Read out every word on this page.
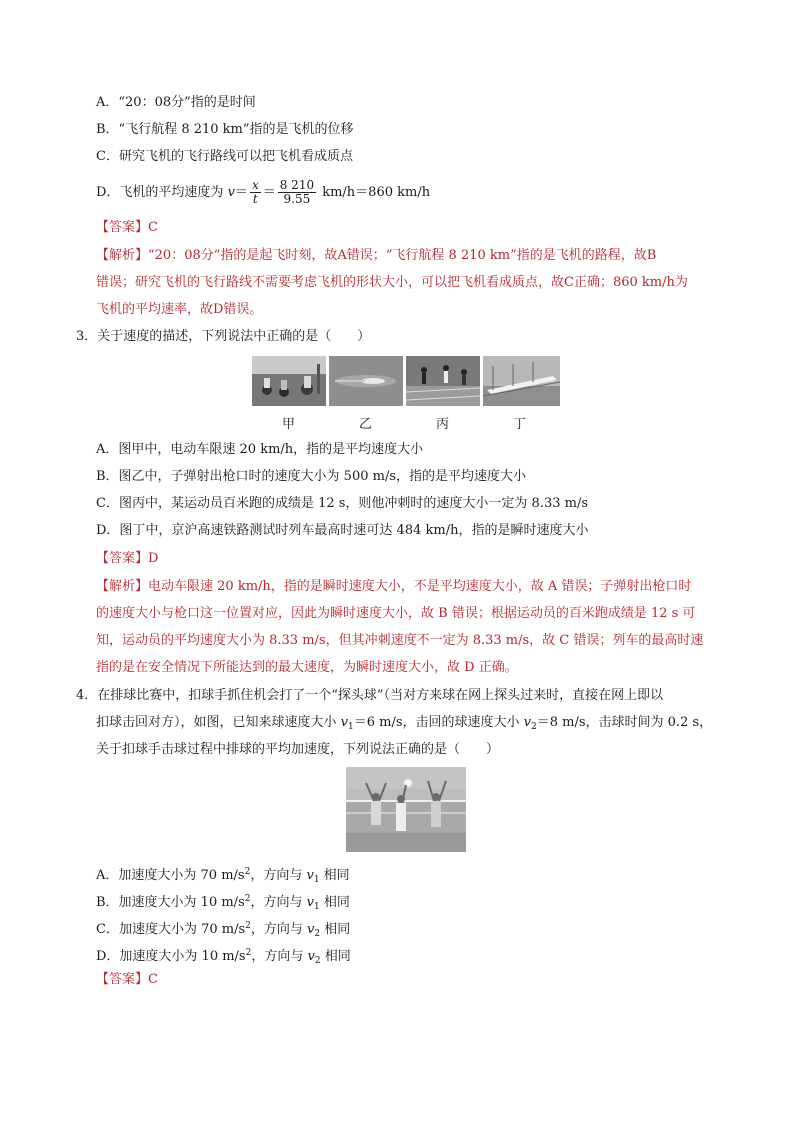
A．“20：08分”指的是时间
B．“飞行航程 8 210 km”指的是飞机的位移
C．研究飞机的飞行路线可以把飞机看成质点
D．飞机的平均速度为 $v= \frac{x}{t} = \frac{8 210}{9.55} km/h=860$ km/h
【答案】C
【解析】“20：08分”指的是起飞时刻，故A错误；“飞行航程 8 210 km”指的是飞机的路程，故B
错误；研究飞机的飞行路线不需要考虑飞机的形状大小，可以把飞机看成质点，故C正确；860 km/h为
飞机的平均速率，故D错误。
3．关于速度的描述，下列说法中正确的是（　　）
甲	乙	丙	丁
A．图甲中，电动车限速 20 km/h，指的是平均速度大小
B．图乙中，子弹射出枪口时的速度大小为 500 m/s，指的是平均速度大小
C．图丙中，某运动员百米跑的成绩是 12 s，则他冲刺时的速度大小一定为 8.33 m/s
D．图丁中，京沪高速铁路测试时列车最高时速可达 484 km/h，指的是瞬时速度大小
【答案】D
【解析】电动车限速 20 km/h，指的是瞬时速度大小，不是平均速度大小，故 A 错误；子弹射出枪口时
的速度大小与枪口这一位置对应，因此为瞬时速度大小，故 B 错误；根据运动员的百米跑成绩是 12 s 可
知，运动员的平均速度大小为 8.33 m/s，但其冲刺速度不一定为 8.33 m/s，故 C 错误；列车的最高时速
指的是在安全情况下所能达到的最大速度，为瞬时速度大小，故 D 正确。
4．在排球比赛中，扣球手抓住机会打了一个“探头球”（当对方来球在网上探头过来时，直接在网上即以
扣球击回对方），如图，已知来球速度大小 $v_1=6$ m/s，击回的球速度大小 $v_2=8$ m/s，击球时间为 0.2 s，
关于扣球手击球过程中排球的平均加速度，下列说法正确的是（　　）
A．加速度大小为 70 $m/s^2$，方向与 $v_1$ 相同
B．加速度大小为 10 $m/s^2$，方向与 $v_1$ 相同
C．加速度大小为 70 $m/s^2$，方向与 $v_2$ 相同
D．加速度大小为 10 $m/s^2$，方向与 $v_2$ 相同
【答案】C
